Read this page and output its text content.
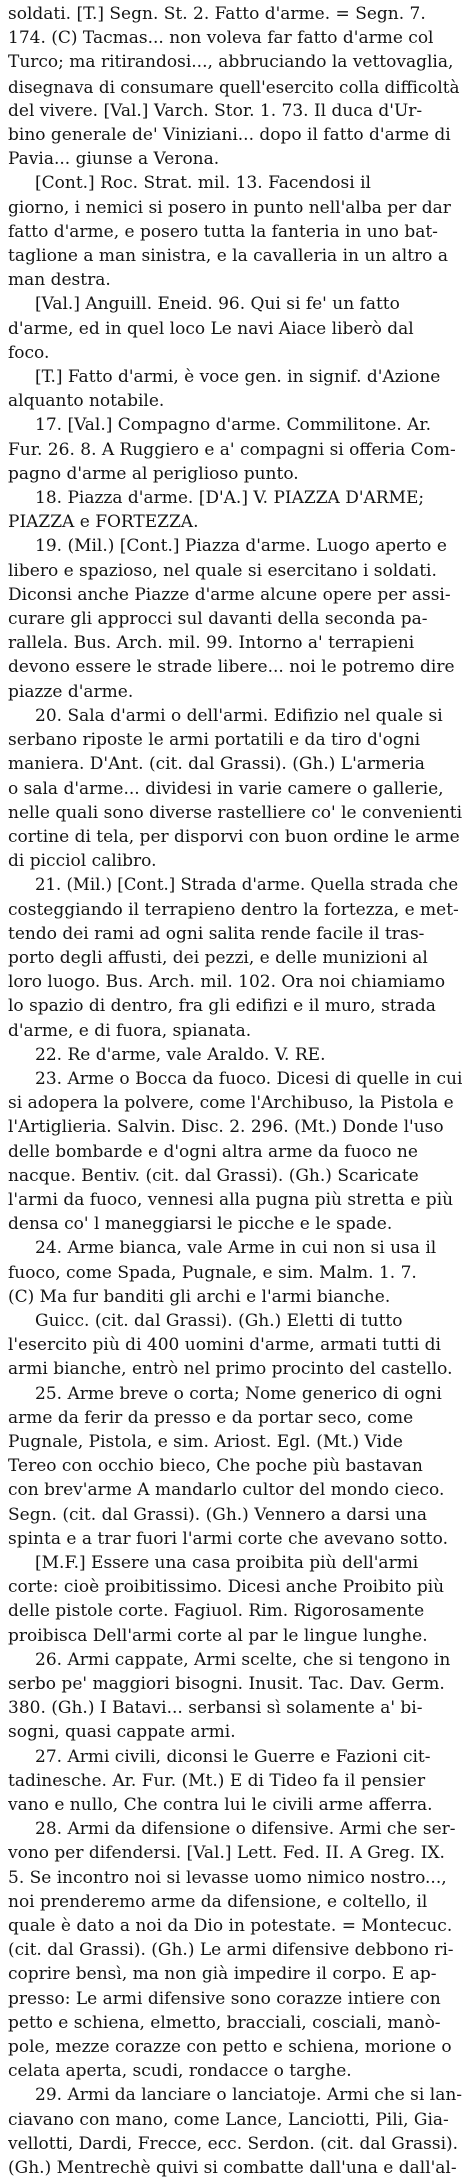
soldati. [T.] Segn. St. 2. Fatto d'arme. = Segn. 7.
174. (C) Tacmas... non voleva far fatto d'arme col
Turco; ma ritirandosi..., abbruciando la vettovaglia,
disegnava di consumare quell'esercito colla difficoltà
del vivere. [Val.] Varch. Stor. 1. 73. Il duca d'Ur-
bino generale de' Viniziani... dopo il fatto d'arme di
Pavia... giunse a Verona.
[Cont.] Roc. Strat. mil. 13. Facendosi il
giorno, i nemici si posero in punto nell'alba per dar
fatto d'arme, e posero tutta la fanteria in uno bat-
taglione a man sinistra, e la cavalleria in un altro a
man destra.
[Val.] Anguill. Eneid. 96. Qui si fe' un fatto
d'arme, ed in quel loco Le navi Aiace liberò dal
foco.
[T.] Fatto d'armi, è voce gen. in signif. d'Azione
alquanto notabile.
17. [Val.] Compagno d'arme. Commilitone. Ar.
Fur. 26. 8. A Ruggiero e a' compagni si offeria Com-
pagno d'arme al periglioso punto.
18. Piazza d'arme. [D'A.] V. PIAZZA D'ARME;
PIAZZA e FORTEZZA.
19. (Mil.) [Cont.] Piazza d'arme. Luogo aperto e
libero e spazioso, nel quale si esercitano i soldati.
Diconsi anche Piazze d'arme alcune opere per assi-
curare gli approcci sul davanti della seconda pa-
rallela. Bus. Arch. mil. 99. Intorno a' terrapieni
devono essere le strade libere... noi le potremo dire
piazze d'arme.
20. Sala d'armi o dell'armi. Edifizio nel quale si
serbano riposte le armi portatili e da tiro d'ogni
maniera. D'Ant. (cit. dal Grassi). (Gh.) L'armeria
o sala d'arme... dividesi in varie camere o gallerie,
nelle quali sono diverse rastelliere co' le convenienti
cortine di tela, per disporvi con buon ordine le arme
di picciol calibro.
21. (Mil.) [Cont.] Strada d'arme. Quella strada che
costeggiando il terrapieno dentro la fortezza, e met-
tendo dei rami ad ogni salita rende facile il tras-
porto degli affusti, dei pezzi, e delle munizioni al
loro luogo. Bus. Arch. mil. 102. Ora noi chiamiamo
lo spazio di dentro, fra gli edifizi e il muro, strada
d'arme, e di fuora, spianata.
22. Re d'arme, vale Araldo. V. RE.
23. Arme o Bocca da fuoco. Dicesi di quelle in cui
si adopera la polvere, come l'Archibuso, la Pistola e
l'Artiglieria. Salvin. Disc. 2. 296. (Mt.) Donde l'uso
delle bombarde e d'ogni altra arme da fuoco ne
nacque. Bentiv. (cit. dal Grassi). (Gh.) Scaricate
l'armi da fuoco, vennesi alla pugna più stretta e più
densa co' l maneggiarsi le picche e le spade.
24. Arme bianca, vale Arme in cui non si usa il
fuoco, come Spada, Pugnale, e sim. Malm. 1. 7.
(C) Ma fur banditi gli archi e l'armi bianche.
Guicc. (cit. dal Grassi). (Gh.) Eletti di tutto
l'esercito più di 400 uomini d'arme, armati tutti di
armi bianche, entrò nel primo procinto del castello.
25. Arme breve o corta; Nome generico di ogni
arme da ferir da presso e da portar seco, come
Pugnale, Pistola, e sim. Ariost. Egl. (Mt.) Vide
Tereo con occhio bieco, Che poche più bastavan
con brev'arme A mandarlo cultor del mondo cieco.
Segn. (cit. dal Grassi). (Gh.) Vennero a darsi una
spinta e a trar fuori l'armi corte che avevano sotto.
[M.F.] Essere una casa proibita più dell'armi
corte: cioè proibitissimo. Dicesi anche Proibito più
delle pistole corte. Fagiuol. Rim. Rigorosamente
proibisca Dell'armi corte al par le lingue lunghe.
26. Armi cappate, Armi scelte, che si tengono in
serbo pe' maggiori bisogni. Inusit. Tac. Dav. Germ.
380. (Gh.) I Batavi... serbansi sì solamente a' bi-
sogni, quasi cappate armi.
27. Armi civili, diconsi le Guerre e Fazioni cit-
tadinesche. Ar. Fur. (Mt.) E di Tideo fa il pensier
vano e nullo, Che contra lui le civili arme afferra.
28. Armi da difensione o difensive. Armi che ser-
vono per difendersi. [Val.] Lett. Fed. II. A Greg. IX.
5. Se incontro noi si levasse uomo nimico nostro...,
noi prenderemo arme da difensione, e coltello, il
quale è dato a noi da Dio in potestate. = Montecuc.
(cit. dal Grassi). (Gh.) Le armi difensive debbono ri-
coprire bensì, ma non già impedire il corpo. E ap-
presso: Le armi difensive sono corazze intiere con
petto e schiena, elmetto, bracciali, cosciali, manò-
pole, mezze corazze con petto e schiena, morione o
celata aperta, scudi, rondacce o targhe.
29. Armi da lanciare o lanciatoje. Armi che si lan-
ciavano con mano, come Lance, Lanciotti, Pili, Gia-
vellotti, Dardi, Frecce, ecc. Serdon. (cit. dal Grassi).
(Gh.) Mentrechè quivi si combatte dall'una e dall'al-
